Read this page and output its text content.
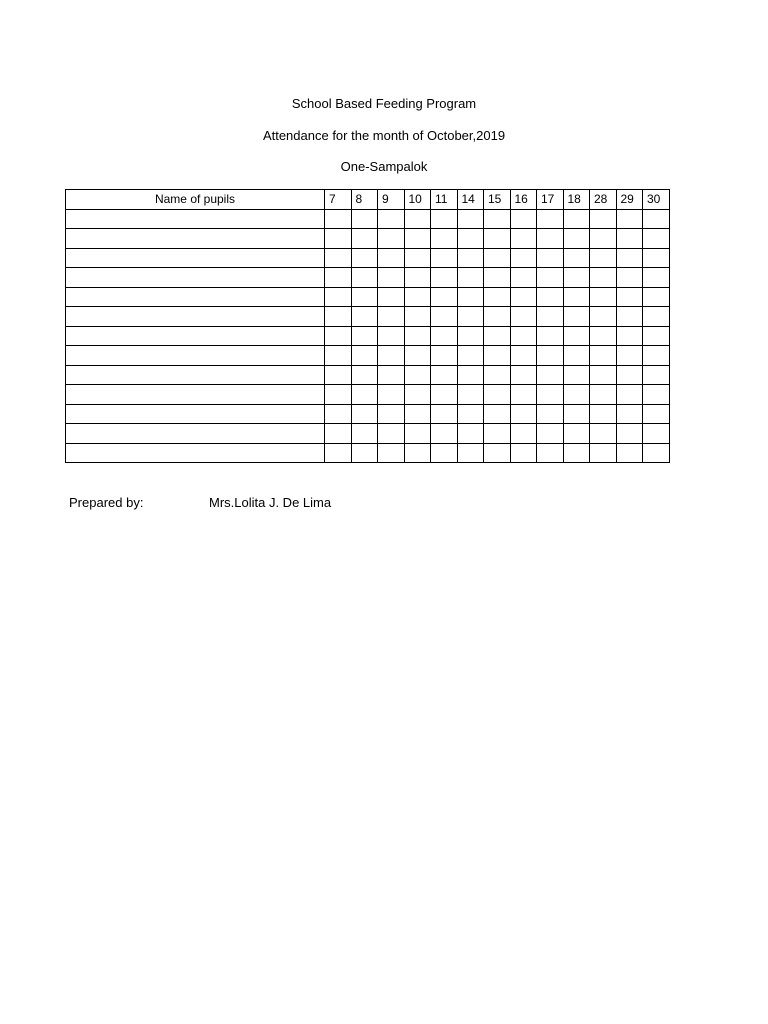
School Based Feeding Program
Attendance for the month of October,2019
One-Sampalok
Name of pupils	7	8	9	10	11	14	15	16	17	18	28	29	30

Prepared by:	Mrs.Lolita J. De Lima
